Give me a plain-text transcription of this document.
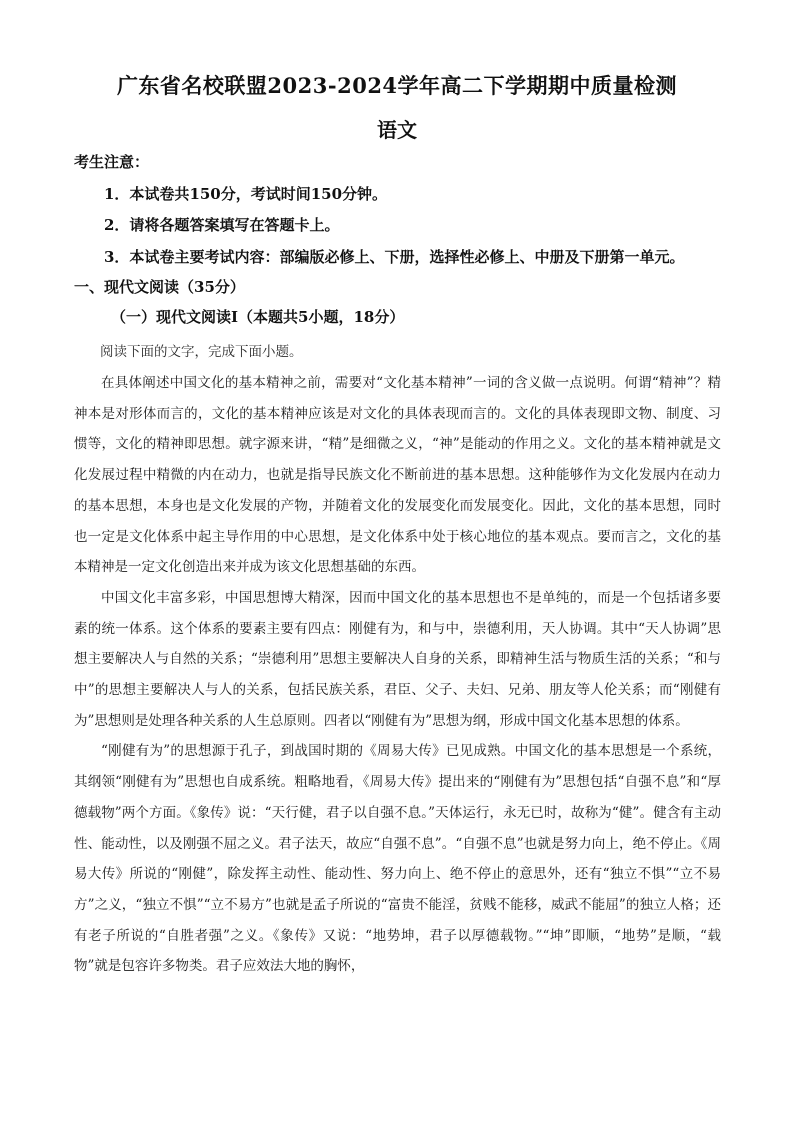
广东省名校联盟2023-2024学年高二下学期期中质量检测
语文
考生注意：
1．本试卷共150分，考试时间150分钟。
2．请将各题答案填写在答题卡上。
3．本试卷主要考试内容：部编版必修上、下册，选择性必修上、中册及下册第一单元。
一、现代文阅读（35分）
（一）现代文阅读Ⅰ（本题共5小题，18分）
阅读下面的文字，完成下面小题。

在具体阐述中国文化的基本精神之前，需要对“文化基本精神”一词的含义做一点说明。何谓“精神”？精神本是对形体而言的，文化的基本精神应该是对文化的具体表现而言的。文化的具体表现即文物、制度、习惯等，文化的精神即思想。就字源来讲，“精”是细微之义，“神”是能动的作用之义。文化的基本精神就是文化发展过程中精微的内在动力，也就是指导民族文化不断前进的基本思想。这种能够作为文化发展内在动力的基本思想，本身也是文化发展的产物，并随着文化的发展变化而发展变化。因此，文化的基本思想，同时也一定是文化体系中起主导作用的中心思想，是文化体系中处于核心地位的基本观点。要而言之，文化的基本精神是一定文化创造出来并成为该文化思想基础的东西。

中国文化丰富多彩，中国思想博大精深，因而中国文化的基本思想也不是单纯的，而是一个包括诸多要素的统一体系。这个体系的要素主要有四点：刚健有为，和与中，崇德利用，天人协调。其中“天人协调”思想主要解决人与自然的关系；“崇德利用”思想主要解决人自身的关系，即精神生活与物质生活的关系；“和与中”的思想主要解决人与人的关系，包括民族关系，君臣、父子、夫妇、兄弟、朋友等人伦关系；而“刚健有为”思想则是处理各种关系的人生总原则。四者以“刚健有为”思想为纲，形成中国文化基本思想的体系。

“刚健有为”的思想源于孔子，到战国时期的《周易大传》已见成熟。中国文化的基本思想是一个系统，其纲领“刚健有为”思想也自成系统。粗略地看，《周易大传》提出来的“刚健有为”思想包括“自强不息”和“厚德载物”两个方面。《象传》说：“天行健，君子以自强不息。”天体运行，永无已时，故称为“健”。健含有主动性、能动性，以及刚强不屈之义。君子法天，故应“自强不息”。“自强不息”也就是努力向上，绝不停止。《周易大传》所说的“刚健”，除发挥主动性、能动性、努力向上、绝不停止的意思外，还有“独立不惧”“立不易方”之义，“独立不惧”“立不易方”也就是孟子所说的“富贵不能淫，贫贱不能移，威武不能屈”的独立人格；还有老子所说的“自胜者强”之义。《象传》又说：“地势坤，君子以厚德载物。”“坤”即顺，“地势”是顺，“载物”就是包容许多物类。君子应效法大地的胸怀，
